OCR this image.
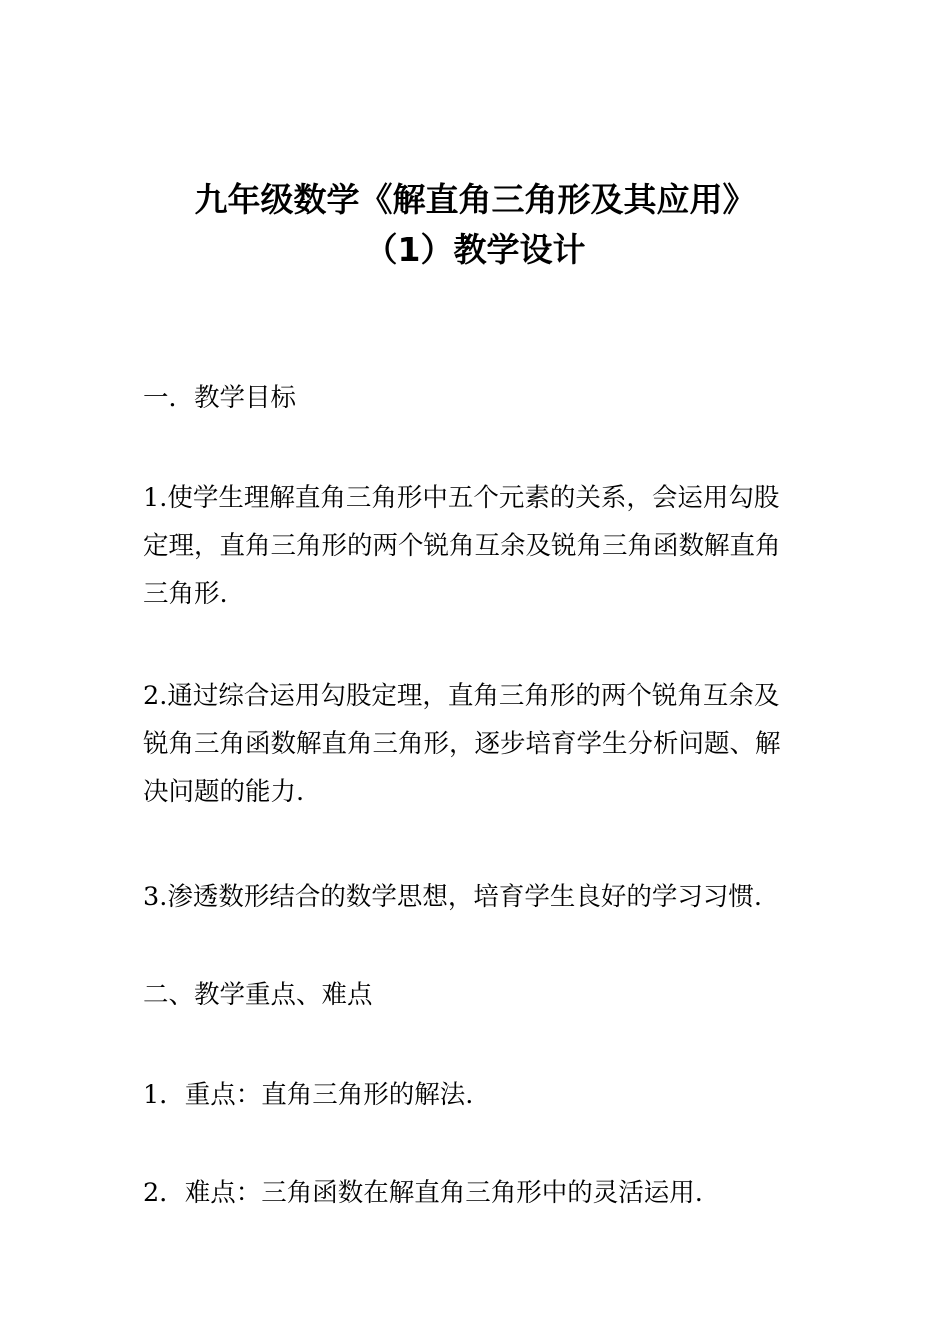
九年级数学《解直角三角形及其应用》
（1）教学设计
一．教学目标
1.使学生理解直角三角形中五个元素的关系，会运用勾股
定理，直角三角形的两个锐角互余及锐角三角函数解直角
三角形.
2.通过综合运用勾股定理，直角三角形的两个锐角互余及
锐角三角函数解直角三角形，逐步培育学生分析问题、解
决问题的能力.
3.渗透数形结合的数学思想，培育学生良好的学习习惯.
二、教学重点、难点
1．重点：直角三角形的解法.
2．难点：三角函数在解直角三角形中的灵活运用.
